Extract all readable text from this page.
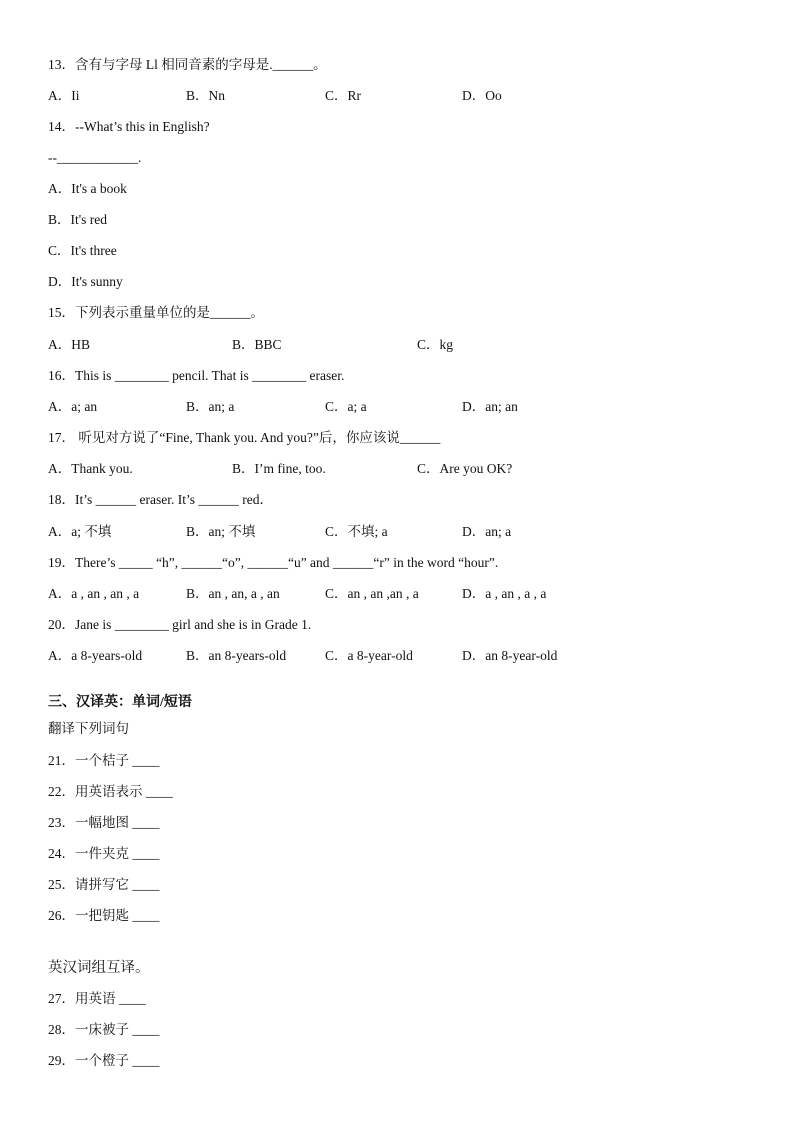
13．含有与字母 Ll 相同音素的字母是.______。
A．Ii	B．Nn	C．Rr	D．Oo
14．--What’s this in English?
--____________.
A．It's a book
B．It's red
C．It's three
D．It's sunny
15．下列表示重量单位的是______。
A．HB	B．BBC	C．kg
16．This is ________ pencil. That is ________ eraser.
A．a; an	B．an; a	C．a; a	D．an; an
17． 听见对方说了“Fine, Thank you. And you?”后，你应该说______
A．Thank you.	B．I’m fine, too.	C．Are you OK?
18．It’s ______ eraser. It’s ______ red．
A．a; 不填	B．an; 不填	C．不填; a	D．an; a
19．There’s _____ “h”, ______“o”, ______“u” and ______“r” in the word “hour”.
A．a , an , an , a	B．an , an, a , an	C．an , an ,an , a	D．a , an , a , a
20．Jane is ________ girl and she is in Grade 1.
A．a 8-years-old	B．an 8-years-old	C．a 8-year-old	D．an 8-year-old
三、汉译英：单词/短语
翻译下列词句
21．一个桔子 ____
22．用英语表示 ____
23．一幅地图 ____
24．一件夹克 ____
25．请拼写它 ____
26．一把钥匙 ____
英汉词组互译。
27．用英语 ____
28．一床被子 ____
29．一个橙子 ____
